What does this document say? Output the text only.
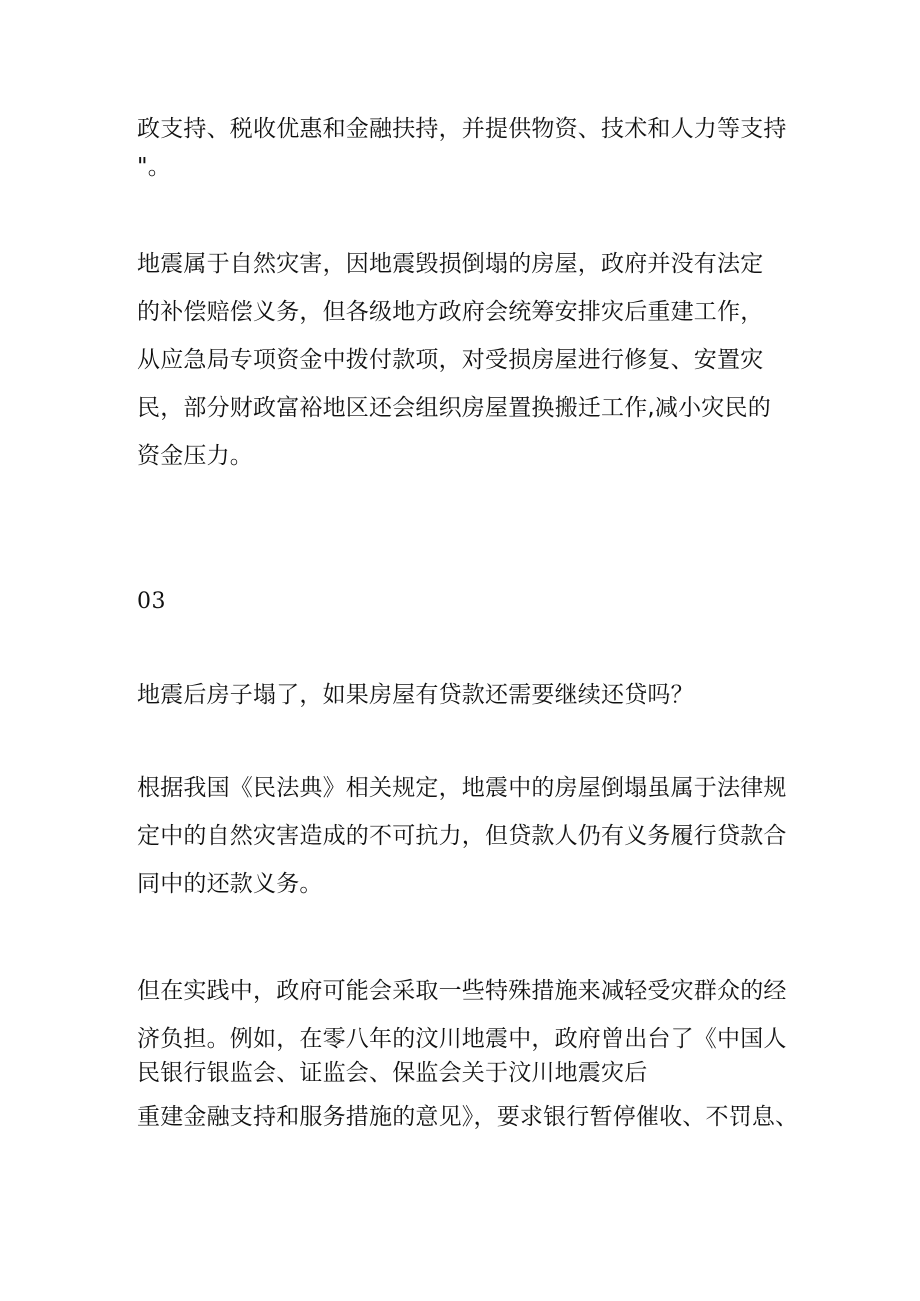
政支持、税收优惠和金融扶持，并提供物资、技术和人力等支持
"。
地震属于自然灾害，因地震毁损倒塌的房屋，政府并没有法定
的补偿赔偿义务，但各级地方政府会统筹安排灾后重建工作，
从应急局专项资金中拨付款项，对受损房屋进行修复、安置灾
民，部分财政富裕地区还会组织房屋置换搬迁工作,减小灾民的
资金压力。
03
地震后房子塌了，如果房屋有贷款还需要继续还贷吗？
根据我国《民法典》相关规定，地震中的房屋倒塌虽属于法律规
定中的自然灾害造成的不可抗力，但贷款人仍有义务履行贷款合
同中的还款义务。
但在实践中，政府可能会采取一些特殊措施来减轻受灾群众的经
济负担。例如，在零八年的汶川地震中，政府曾出台了《中国人
民银行银监会、证监会、保监会关于汶川地震灾后
重建金融支持和服务措施的意见》，要求银行暂停催收、不罚息、
